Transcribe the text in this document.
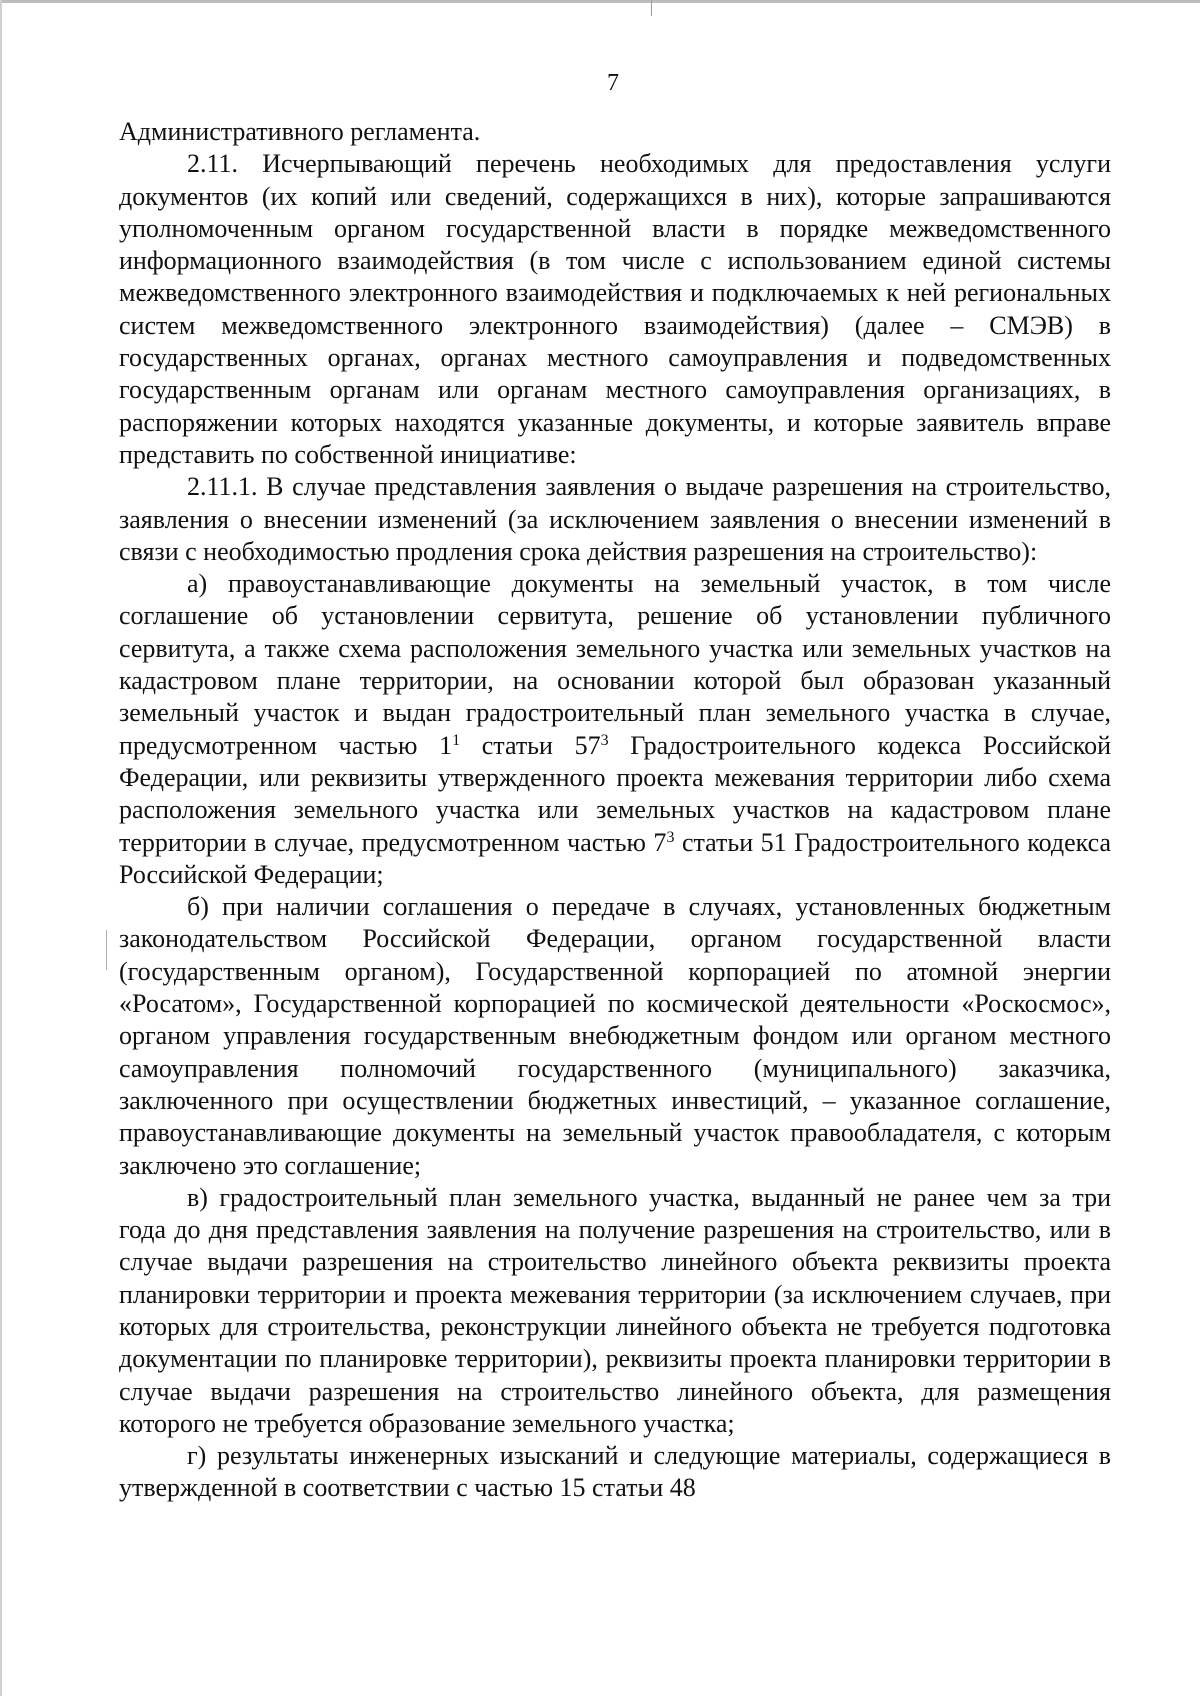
7

Административного регламента.

2.11. Исчерпывающий перечень необходимых для предоставления услуги документов (их копий или сведений, содержащихся в них), которые запрашиваются уполномоченным органом государственной власти в порядке межведомственного информационного взаимодействия (в том числе с использованием единой системы межведомственного электронного взаимодействия и подключаемых к ней региональных систем межведомственного электронного взаимодействия) (далее – СМЭВ) в государственных органах, органах местного самоуправления и подведомственных государственным органам или органам местного самоуправления организациях, в распоряжении которых находятся указанные документы, и которые заявитель вправе представить по собственной инициативе:

2.11.1. В случае представления заявления о выдаче разрешения на строительство, заявления о внесении изменений (за исключением заявления о внесении изменений в связи с необходимостью продления срока действия разрешения на строительство):

а) правоустанавливающие документы на земельный участок, в том числе соглашение об установлении сервитута, решение об установлении публичного сервитута, а также схема расположения земельного участка или земельных участков на кадастровом плане территории, на основании которой был образован указанный земельный участок и выдан градостроительный план земельного участка в случае, предусмотренном частью $1^1$ статьи $57^3$ Градостроительного кодекса Российской Федерации, или реквизиты утвержденного проекта межевания территории либо схема расположения земельного участка или земельных участков на кадастровом плане территории в случае, предусмотренном частью $7^3$ статьи 51 Градостроительного кодекса Российской Федерации;

б) при наличии соглашения о передаче в случаях, установленных бюджетным законодательством Российской Федерации, органом государственной власти (государственным органом), Государственной корпорацией по атомной энергии «Росатом», Государственной корпорацией по космической деятельности «Роскосмос», органом управления государственным внебюджетным фондом или органом местного самоуправления полномочий государственного (муниципального) заказчика, заключенного при осуществлении бюджетных инвестиций, – указанное соглашение, правоустанавливающие документы на земельный участок правообладателя, с которым заключено это соглашение;

в) градостроительный план земельного участка, выданный не ранее чем за три года до дня представления заявления на получение разрешения на строительство, или в случае выдачи разрешения на строительство линейного объекта реквизиты проекта планировки территории и проекта межевания территории (за исключением случаев, при которых для строительства, реконструкции линейного объекта не требуется подготовка документации по планировке территории), реквизиты проекта планировки территории в случае выдачи разрешения на строительство линейного объекта, для размещения которого не требуется образование земельного участка;

г) результаты инженерных изысканий и следующие материалы, содержащиеся в утвержденной в соответствии с частью 15 статьи 48
